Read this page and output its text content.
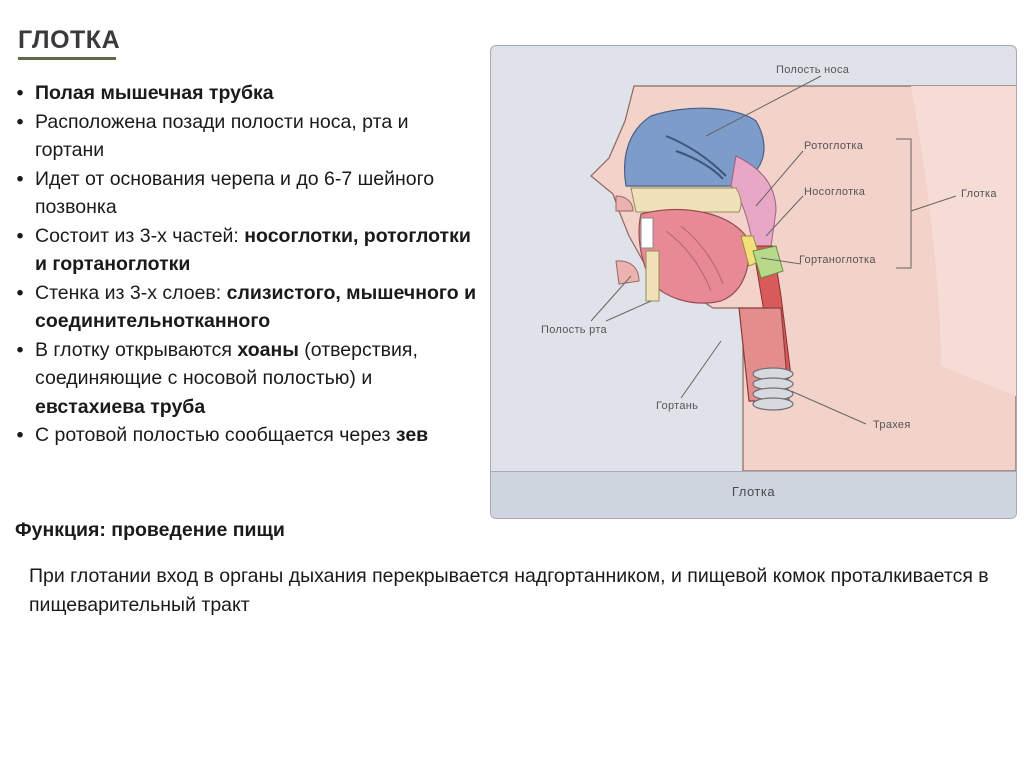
ГЛОТКА
• Полая мышечная трубка
• Расположена позади полости носа, рта и гортани
• Идет от основания черепа и до 6-7 шейного позвонка
• Состоит из 3-х частей: носоглотки, ротоглотки и гортаноглотки
• Стенка из 3-х слоев: слизистого, мышечного и соединительнотканного
• В глотку открываются хоаны (отверствия, соединяющие с носовой полостью) и евстахиева труба
• С ротовой полостью сообщается через зев
Функция: проведение пищи
При глотании вход в органы дыхания перекрывается надгортанником, и пищевой комок проталкивается в пищеварительный тракт
Полость носа
Ротоглотка
Носоглотка	Глотка
Гортаноглотка
Полость рта
Гортань
Трахея
Глотка
